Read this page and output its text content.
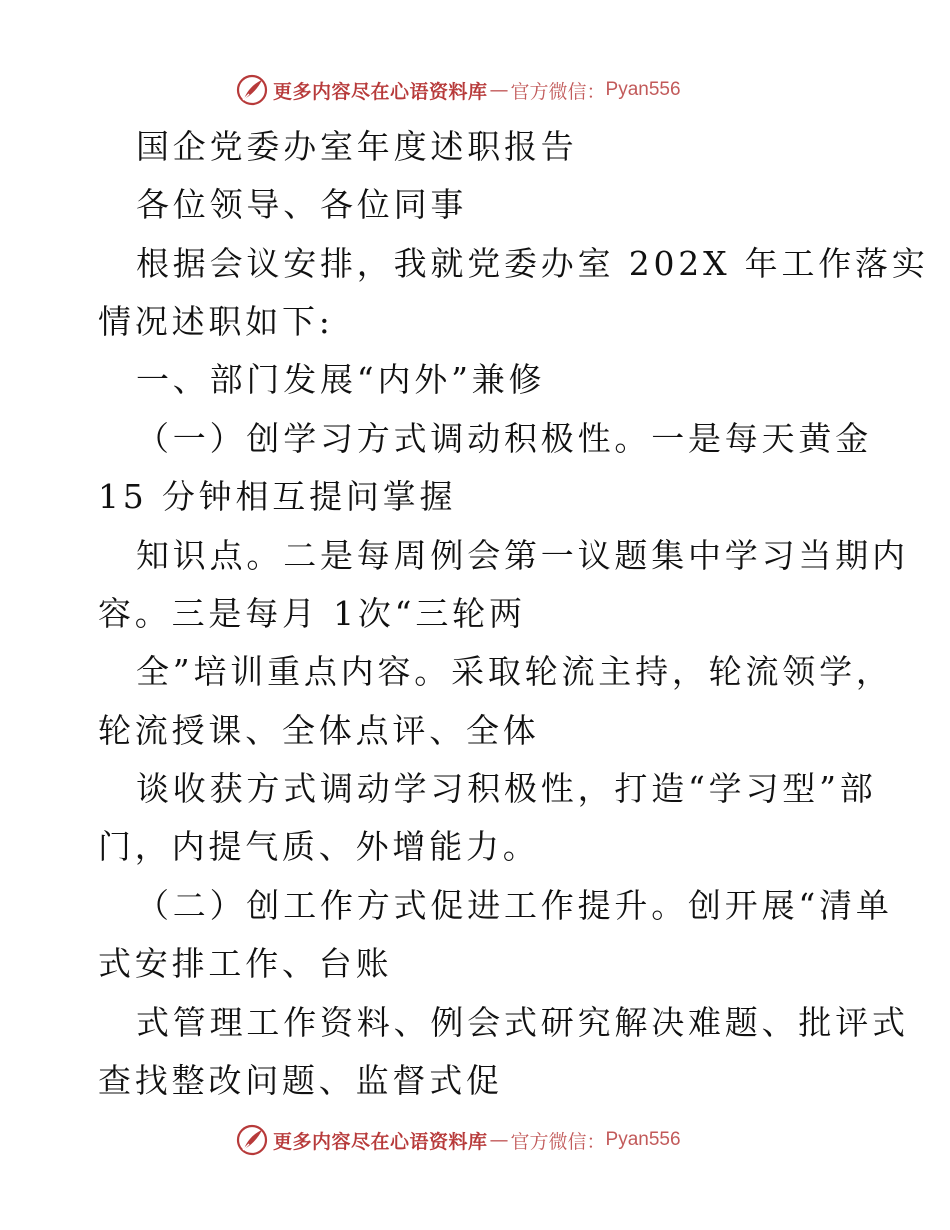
更多内容尽在心语资料库 — 官方微信： Pyan556
国企党委办室年度述职报告
各位领导、各位同事
根据会议安排，我就党委办室 202X 年工作落实
情况述职如下:
一、部门发展“内外”兼修
（一）创学习方式调动积极性。一是每天黄金
15 分钟相互提问掌握
知识点。二是每周例会第一议题集中学习当期内
容。三是每月 1次“三轮两
全”培训重点内容。采取轮流主持，轮流领学，
轮流授课、全体点评、全体
谈收获方式调动学习积极性，打造“学习型”部
门，内提气质、外增能力。
（二）创工作方式促进工作提升。创开展“清单
式安排工作、台账
式管理工作资料、例会式研究解决难题、批评式
查找整改问题、监督式促
更多内容尽在心语资料库 — 官方微信： Pyan556
